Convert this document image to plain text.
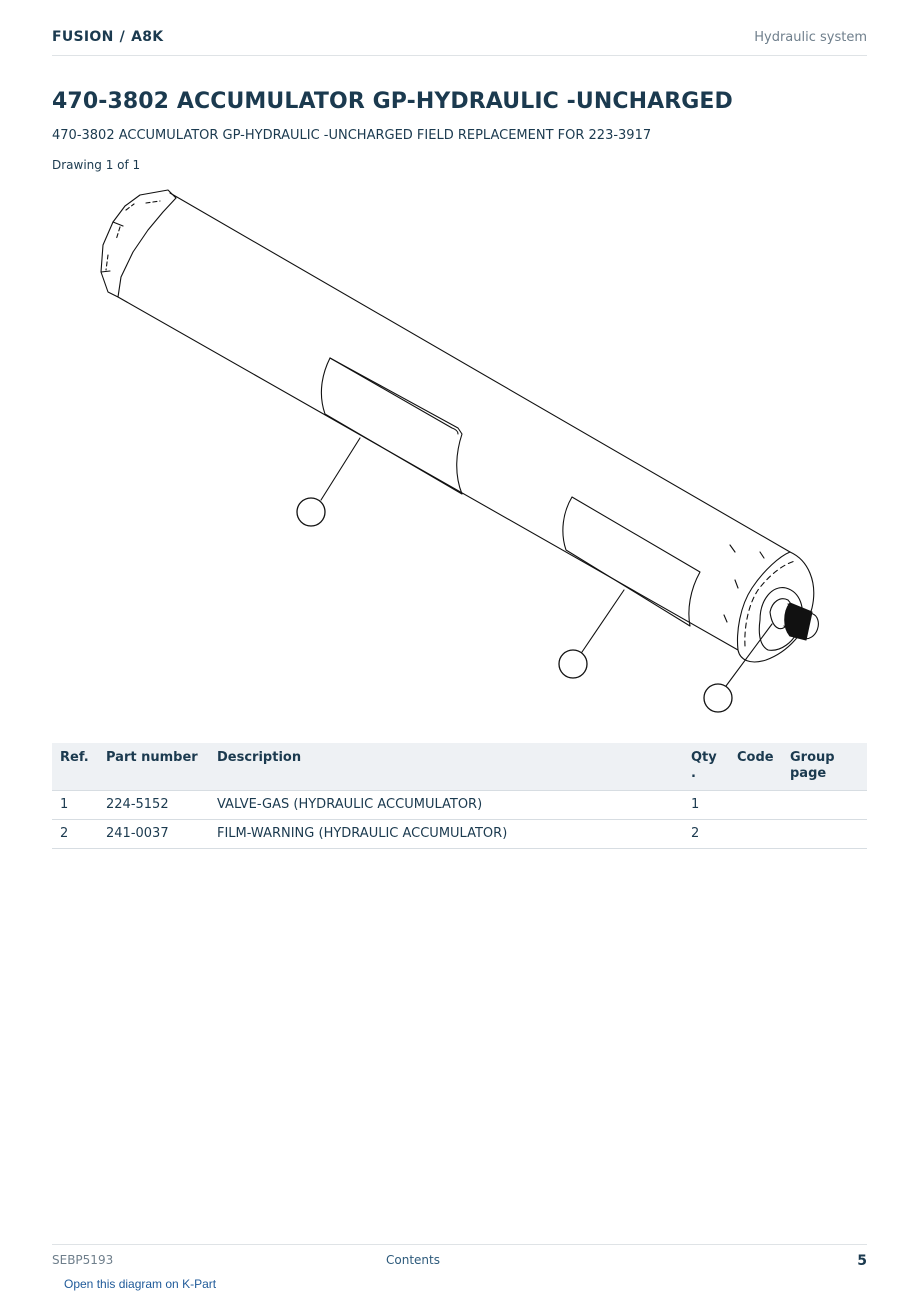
FUSION / A8K	Hydraulic system
470-3802 ACCUMULATOR GP-HYDRAULIC -UNCHARGED
470-3802 ACCUMULATOR GP-HYDRAULIC -UNCHARGED FIELD REPLACEMENT FOR 223-3917
Drawing 1 of 1
Ref.	Part number	Description	Qty .	Code	Group page
1	224-5152	VALVE-GAS (HYDRAULIC ACCUMULATOR)	1		
2	241-0037	FILM-WARNING (HYDRAULIC ACCUMULATOR)	2		
SEBP5193	Contents	5
Open this diagram on K-Part
